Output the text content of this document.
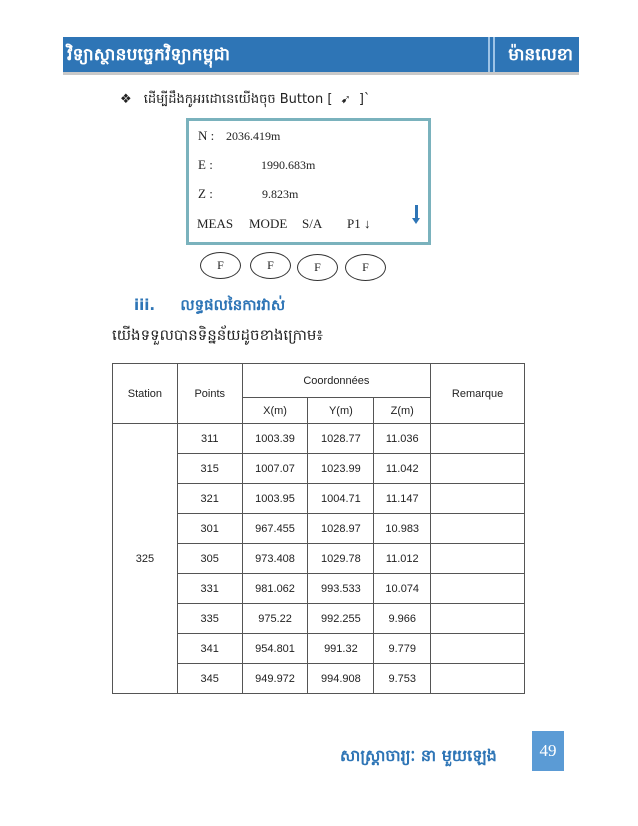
វិទ្យាស្ថានបច្ចេកវិទ្យាកម្ពុជា	ម៉ានលេខា
❖ ដើម្បីដឹងកូអរដោនេយើងចុច Button [ ➹ ]`
N : 2036.419m
E :	1990.683m
Z :	9.823m
MEAS MODE S/A P1 ↓
F	F	F	F
iii. លទ្ធផលនៃការវាស់
យើងទទួលបានទិន្នន័យដូចខាងក្រោម៖
Station	Points	Coordonnées			Remarque
		X(m)	Y(m)	Z(m)	
325	311	1003.39	1028.77	11.036	
	315	1007.07	1023.99	11.042	
	321	1003.95	1004.71	11.147	
	301	967.455	1028.97	10.983	
	305	973.408	1029.78	11.012	
	331	981.062	993.533	10.074	
	335	975.22	992.255	9.966	
	341	954.801	991.32	9.779	
	345	949.972	994.908	9.753	
សាស្ត្រាចារ្យៈ នា មួយឡេង	49
